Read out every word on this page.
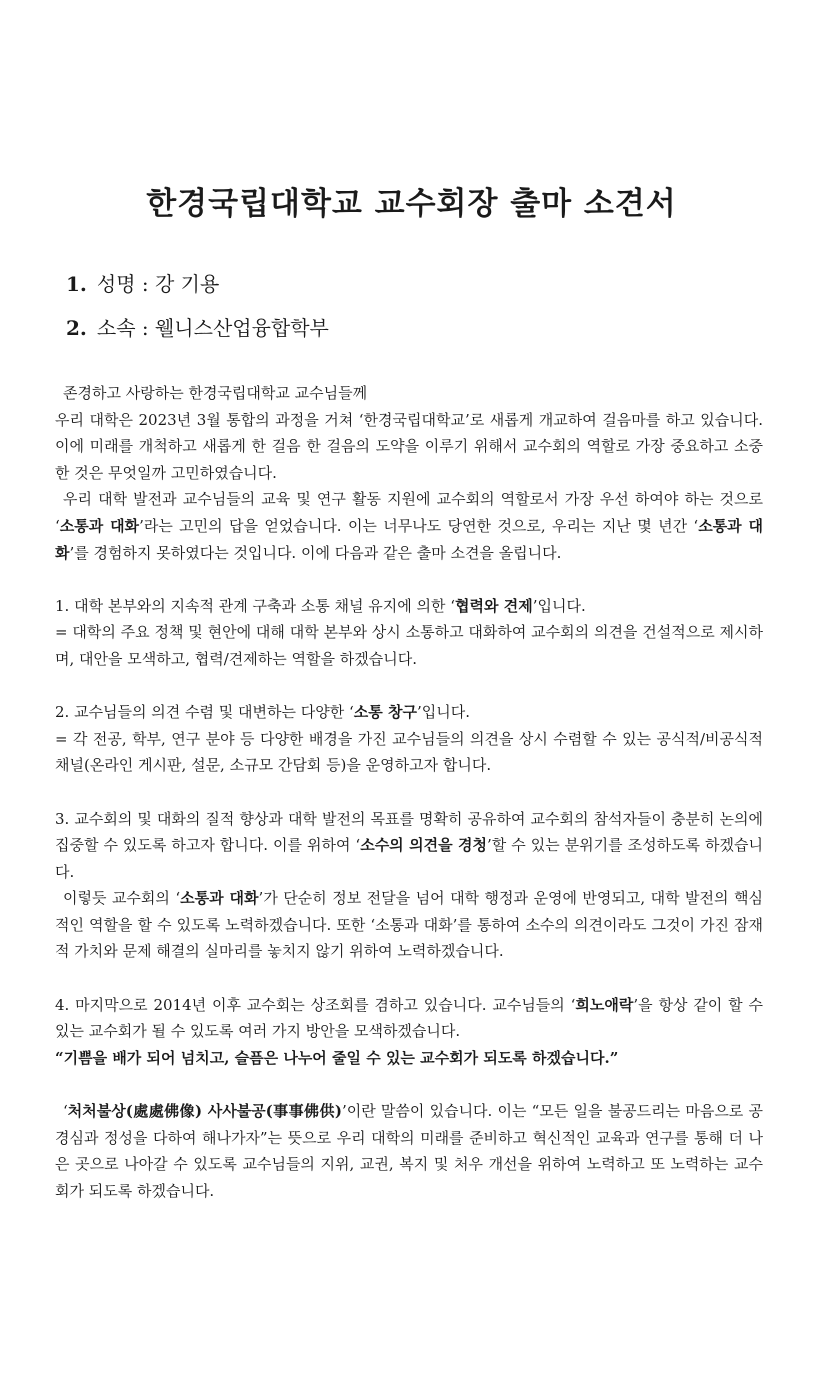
한경국립대학교 교수회장 출마 소견서

1. 성명 : 강 기용

2. 소속 : 웰니스산업융합학부

존경하고 사랑하는 한경국립대학교 교수님들께

우리 대학은 2023년 3월 통합의 과정을 거쳐 ‘한경국립대학교’로 새롭게 개교하여 걸음마를 하고 있습니다. 이에 미래를 개척하고 새롭게 한 걸음 한 걸음의 도약을 이루기 위해서 교수회의 역할로 가장 중요하고 소중한 것은 무엇일까 고민하였습니다.

우리 대학 발전과 교수님들의 교육 및 연구 활동 지원에 교수회의 역할로서 가장 우선 하여야 하는 것으로 ‘소통과 대화’라는 고민의 답을 얻었습니다. 이는 너무나도 당연한 것으로, 우리는 지난 몇 년간 ‘소통과 대화’를 경험하지 못하였다는 것입니다. 이에 다음과 같은 출마 소견을 올립니다.

1. 대학 본부와의 지속적 관계 구축과 소통 채널 유지에 의한 ‘협력와 견제’입니다.

= 대학의 주요 정책 및 현안에 대해 대학 본부와 상시 소통하고 대화하여 교수회의 의견을 건설적으로 제시하며, 대안을 모색하고, 협력/견제하는 역할을 하겠습니다.

2. 교수님들의 의견 수렴 및 대변하는 다양한 ‘소통 창구’입니다.

= 각 전공, 학부, 연구 분야 등 다양한 배경을 가진 교수님들의 의견을 상시 수렴할 수 있는 공식적/비공식적 채널(온라인 게시판, 설문, 소규모 간담회 등)을 운영하고자 합니다.

3. 교수회의 및 대화의 질적 향상과 대학 발전의 목표를 명확히 공유하여 교수회의 참석자들이 충분히 논의에 집중할 수 있도록 하고자 합니다. 이를 위하여 ‘소수의 의견을 경청’할 수 있는 분위기를 조성하도록 하겠습니다.

이렇듯 교수회의 ‘소통과 대화’가 단순히 정보 전달을 넘어 대학 행정과 운영에 반영되고, 대학 발전의 핵심적인 역할을 할 수 있도록 노력하겠습니다. 또한 ‘소통과 대화’를 통하여 소수의 의견이라도 그것이 가진 잠재적 가치와 문제 해결의 실마리를 놓치지 않기 위하여 노력하겠습니다.

4. 마지막으로 2014년 이후 교수회는 상조회를 겸하고 있습니다. 교수님들의 ‘희노애락’을 항상 같이 할 수 있는 교수회가 될 수 있도록 여러 가지 방안을 모색하겠습니다.

“기쁨을 배가 되어 넘치고, 슬픔은 나누어 줄일 수 있는 교수회가 되도록 하겠습니다.”

‘처처불상(處處佛像) 사사불공(事事佛供)’이란 말씀이 있습니다. 이는 “모든 일을 불공드리는 마음으로 공경심과 정성을 다하여 해나가자”는 뜻으로 우리 대학의 미래를 준비하고 혁신적인 교육과 연구를 통해 더 나은 곳으로 나아갈 수 있도록 교수님들의 지위, 교권, 복지 및 처우 개선을 위하여 노력하고 또 노력하는 교수회가 되도록 하겠습니다.
